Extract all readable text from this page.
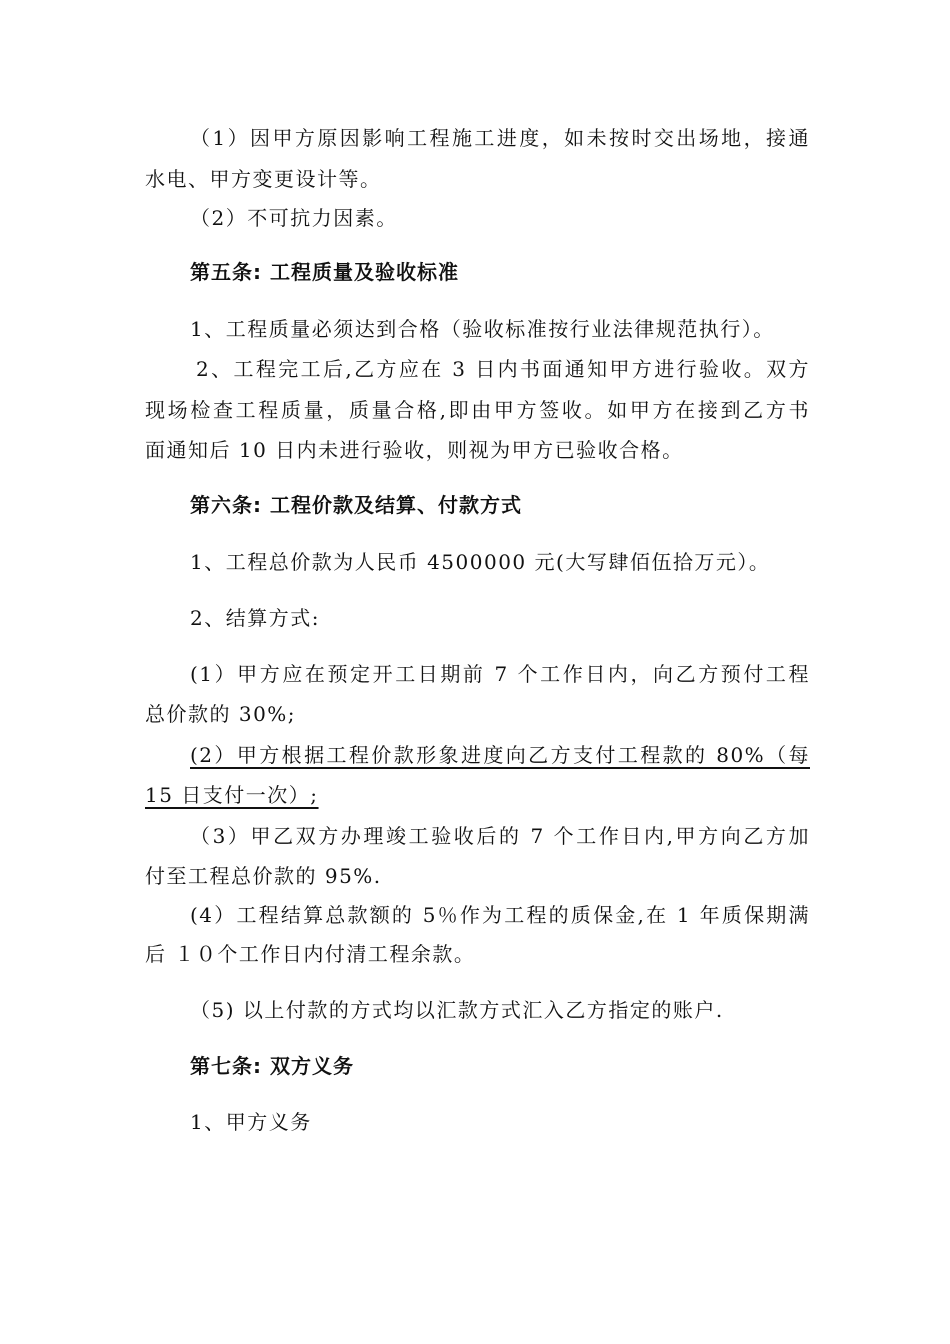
（1）因甲方原因影响工程施工进度，如未按时交出场地，接通
水电、甲方变更设计等。
（2）不可抗力因素。
第五条: 工程质量及验收标准
1、工程质量必须达到合格（验收标准按行业法律规范执行）。
2、工程完工后,乙方应在 3 日内书面通知甲方进行验收。双方
现场检查工程质量，质量合格,即由甲方签收。如甲方在接到乙方书
面通知后 10 日内未进行验收，则视为甲方已验收合格。
第六条: 工程价款及结算、付款方式
1、工程总价款为人民币 4500000 元(大写肆佰伍拾万元）。
2、结算方式:
(1）甲方应在预定开工日期前 7 个工作日内，向乙方预付工程
总价款的 30%;
(2）甲方根据工程价款形象进度向乙方支付工程款的 80%（每
15 日支付一次）;
（3）甲乙双方办理竣工验收后的 7 个工作日内,甲方向乙方加
付至工程总价款的 95%.
(4）工程结算总款额的 5％作为工程的质保金,在 1 年质保期满
后 １０个工作日内付清工程余款。
（5) 以上付款的方式均以汇款方式汇入乙方指定的账户.
第七条: 双方义务
1、甲方义务
